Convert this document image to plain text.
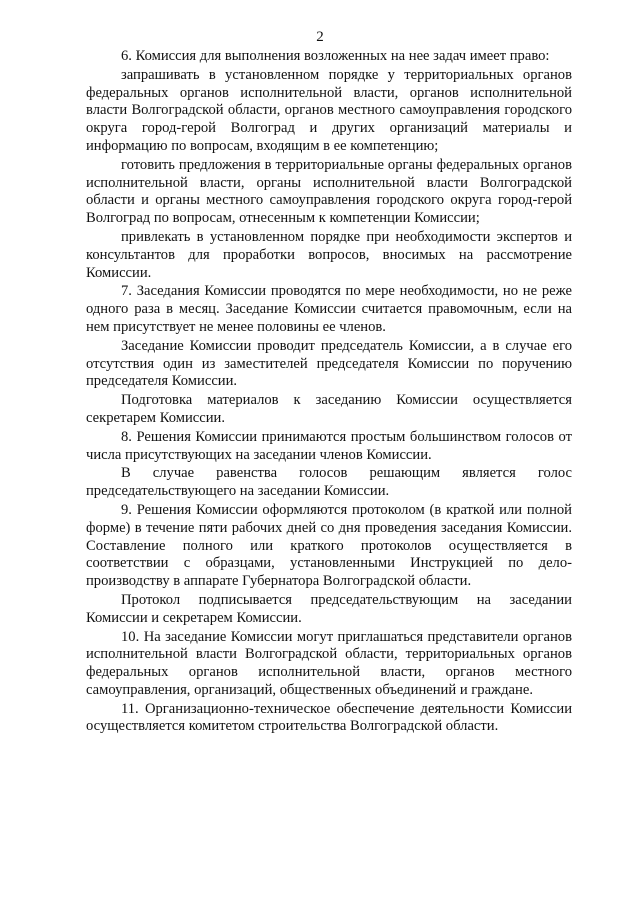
2

6. Комиссия для выполнения возложенных на нее задач имеет право:

запрашивать в установленном порядке у территориальных органов федеральных органов исполнительной власти, органов исполнительной власти Волгоградской области, органов местного самоуправления городского округа город-герой Волгоград и других организаций материалы и информацию по вопросам, входящим в ее компетенцию;

готовить предложения в территориальные органы федеральных органов исполнительной власти, органы исполнительной власти Волгоградской области и органы местного самоуправления городского округа город-герой Волгоград по вопросам, отнесенным к компетенции Комиссии;

привлекать в установленном порядке при необходимости экспертов и консультантов для проработки вопросов, вносимых на рассмотрение Комиссии.

7. Заседания Комиссии проводятся по мере необходимости, но не реже одного раза в месяц. Заседание Комиссии считается правомочным, если на нем присутствует не менее половины ее членов.

Заседание Комиссии проводит председатель Комиссии, а в случае его отсутствия один из заместителей председателя Комиссии по поручению председателя Комиссии.

Подготовка материалов к заседанию Комиссии осуществляется секретарем Комиссии.

8. Решения Комиссии принимаются простым большинством голосов от числа присутствующих на заседании членов Комиссии.

В случае равенства голосов решающим является голос председательствующего на заседании Комиссии.

9. Решения Комиссии оформляются протоколом (в краткой или полной форме) в течение пяти рабочих дней со дня проведения заседания Комиссии. Составление полного или краткого протоколов осуществляется в соответствии с образцами, установленными Инструкцией по дело-производству в аппарате Губернатора Волгоградской области.

Протокол подписывается председательствующим на заседании Комиссии и секретарем Комиссии.

10. На заседание Комиссии могут приглашаться представители органов исполнительной власти Волгоградской области, территориальных органов федеральных органов исполнительной власти, органов местного самоуправления, организаций, общественных объединений и граждане.

11. Организационно-техническое обеспечение деятельности Комиссии осуществляется комитетом строительства Волгоградской области.
